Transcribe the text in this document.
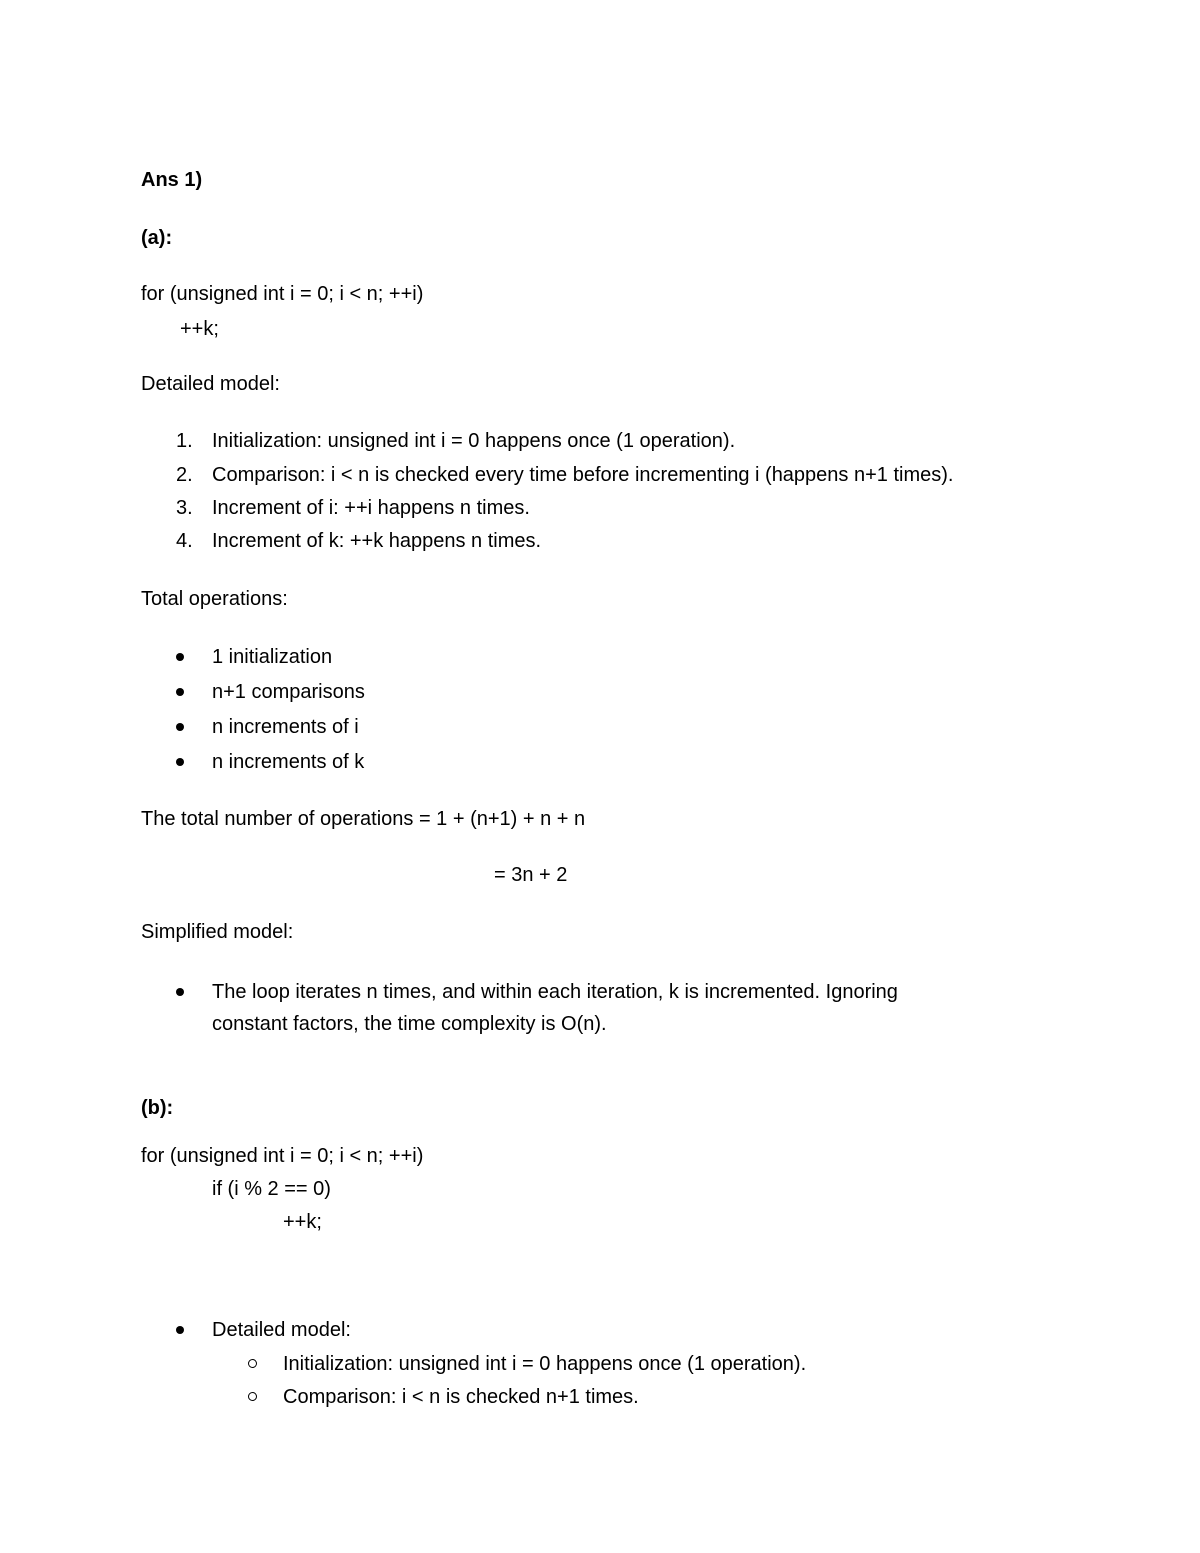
Ans 1)
(a):
for (unsigned int i = 0; i < n; ++i)
++k;
Detailed model:
1. Initialization: unsigned int i = 0 happens once (1 operation).
2. Comparison: i < n is checked every time before incrementing i (happens n+1 times).
3. Increment of i: ++i happens n times.
4. Increment of k: ++k happens n times.
Total operations:
1 initialization
n+1 comparisons
n increments of i
n increments of k
The total number of operations = 1 + (n+1) + n + n
= 3n + 2
Simplified model:
The loop iterates n times, and within each iteration, k is incremented. Ignoring
constant factors, the time complexity is O(n).
(b):
for (unsigned int i = 0; i < n; ++i)
if (i % 2 == 0)
++k;
Detailed model:
Initialization: unsigned int i = 0 happens once (1 operation).
Comparison: i < n is checked n+1 times.
